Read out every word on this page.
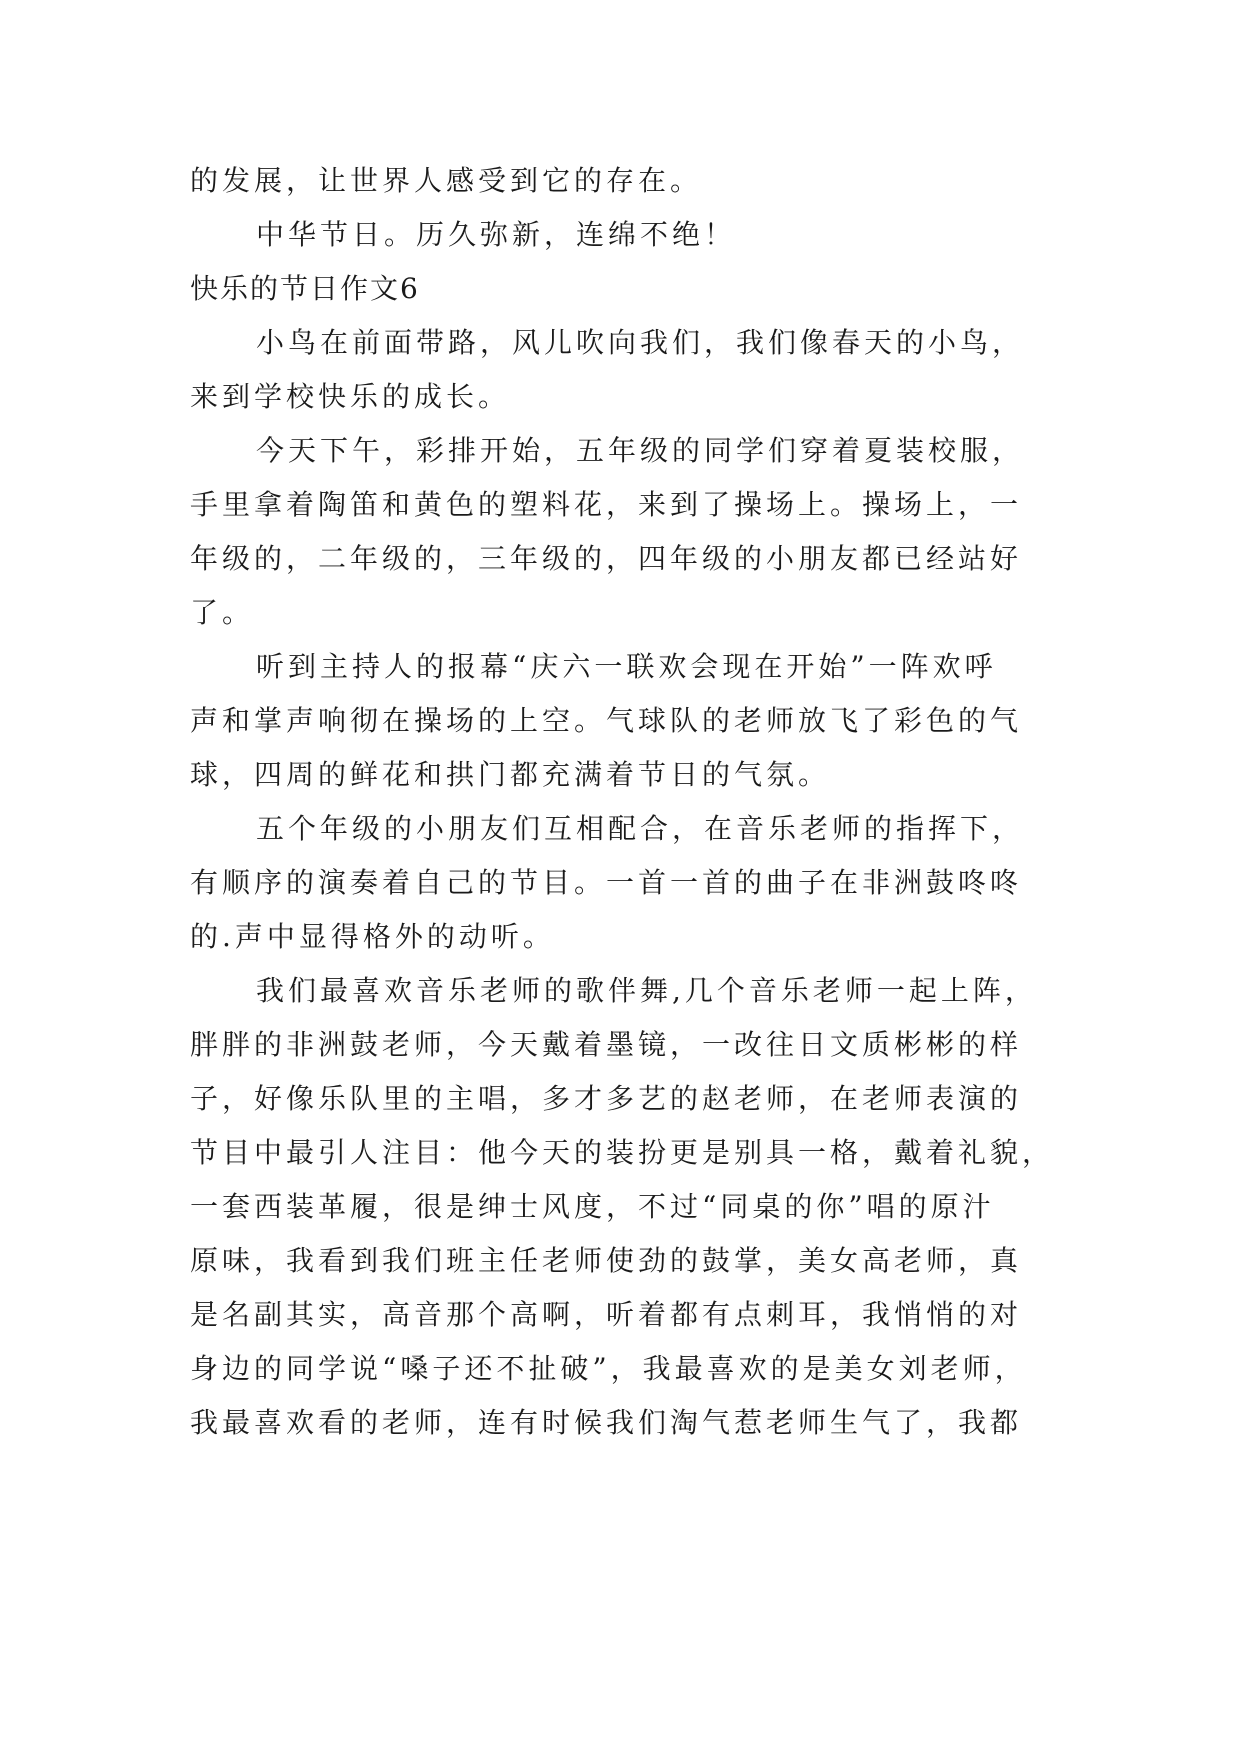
的发展，让世界人感受到它的存在。
中华节日。历久弥新，连绵不绝！
快乐的节日作文6
小鸟在前面带路，风儿吹向我们，我们像春天的小鸟，
来到学校快乐的成长。
今天下午，彩排开始，五年级的同学们穿着夏装校服，
手里拿着陶笛和黄色的塑料花，来到了操场上。操场上，一
年级的，二年级的，三年级的，四年级的小朋友都已经站好
了。
听到主持人的报幕“庆六一联欢会现在开始”一阵欢呼
声和掌声响彻在操场的上空。气球队的老师放飞了彩色的气
球，四周的鲜花和拱门都充满着节日的气氛。
五个年级的小朋友们互相配合，在音乐老师的指挥下，
有顺序的演奏着自己的节目。一首一首的曲子在非洲鼓咚咚
的.声中显得格外的动听。
我们最喜欢音乐老师的歌伴舞,几个音乐老师一起上阵，
胖胖的非洲鼓老师，今天戴着墨镜，一改往日文质彬彬的样
子，好像乐队里的主唱，多才多艺的赵老师，在老师表演的
节目中最引人注目：他今天的装扮更是别具一格，戴着礼貌，
一套西装革履，很是绅士风度，不过“同桌的你”唱的原汁
原味，我看到我们班主任老师使劲的鼓掌，美女高老师，真
是名副其实，高音那个高啊，听着都有点刺耳，我悄悄的对
身边的同学说“嗓子还不扯破”，我最喜欢的是美女刘老师，
我最喜欢看的老师，连有时候我们淘气惹老师生气了，我都
